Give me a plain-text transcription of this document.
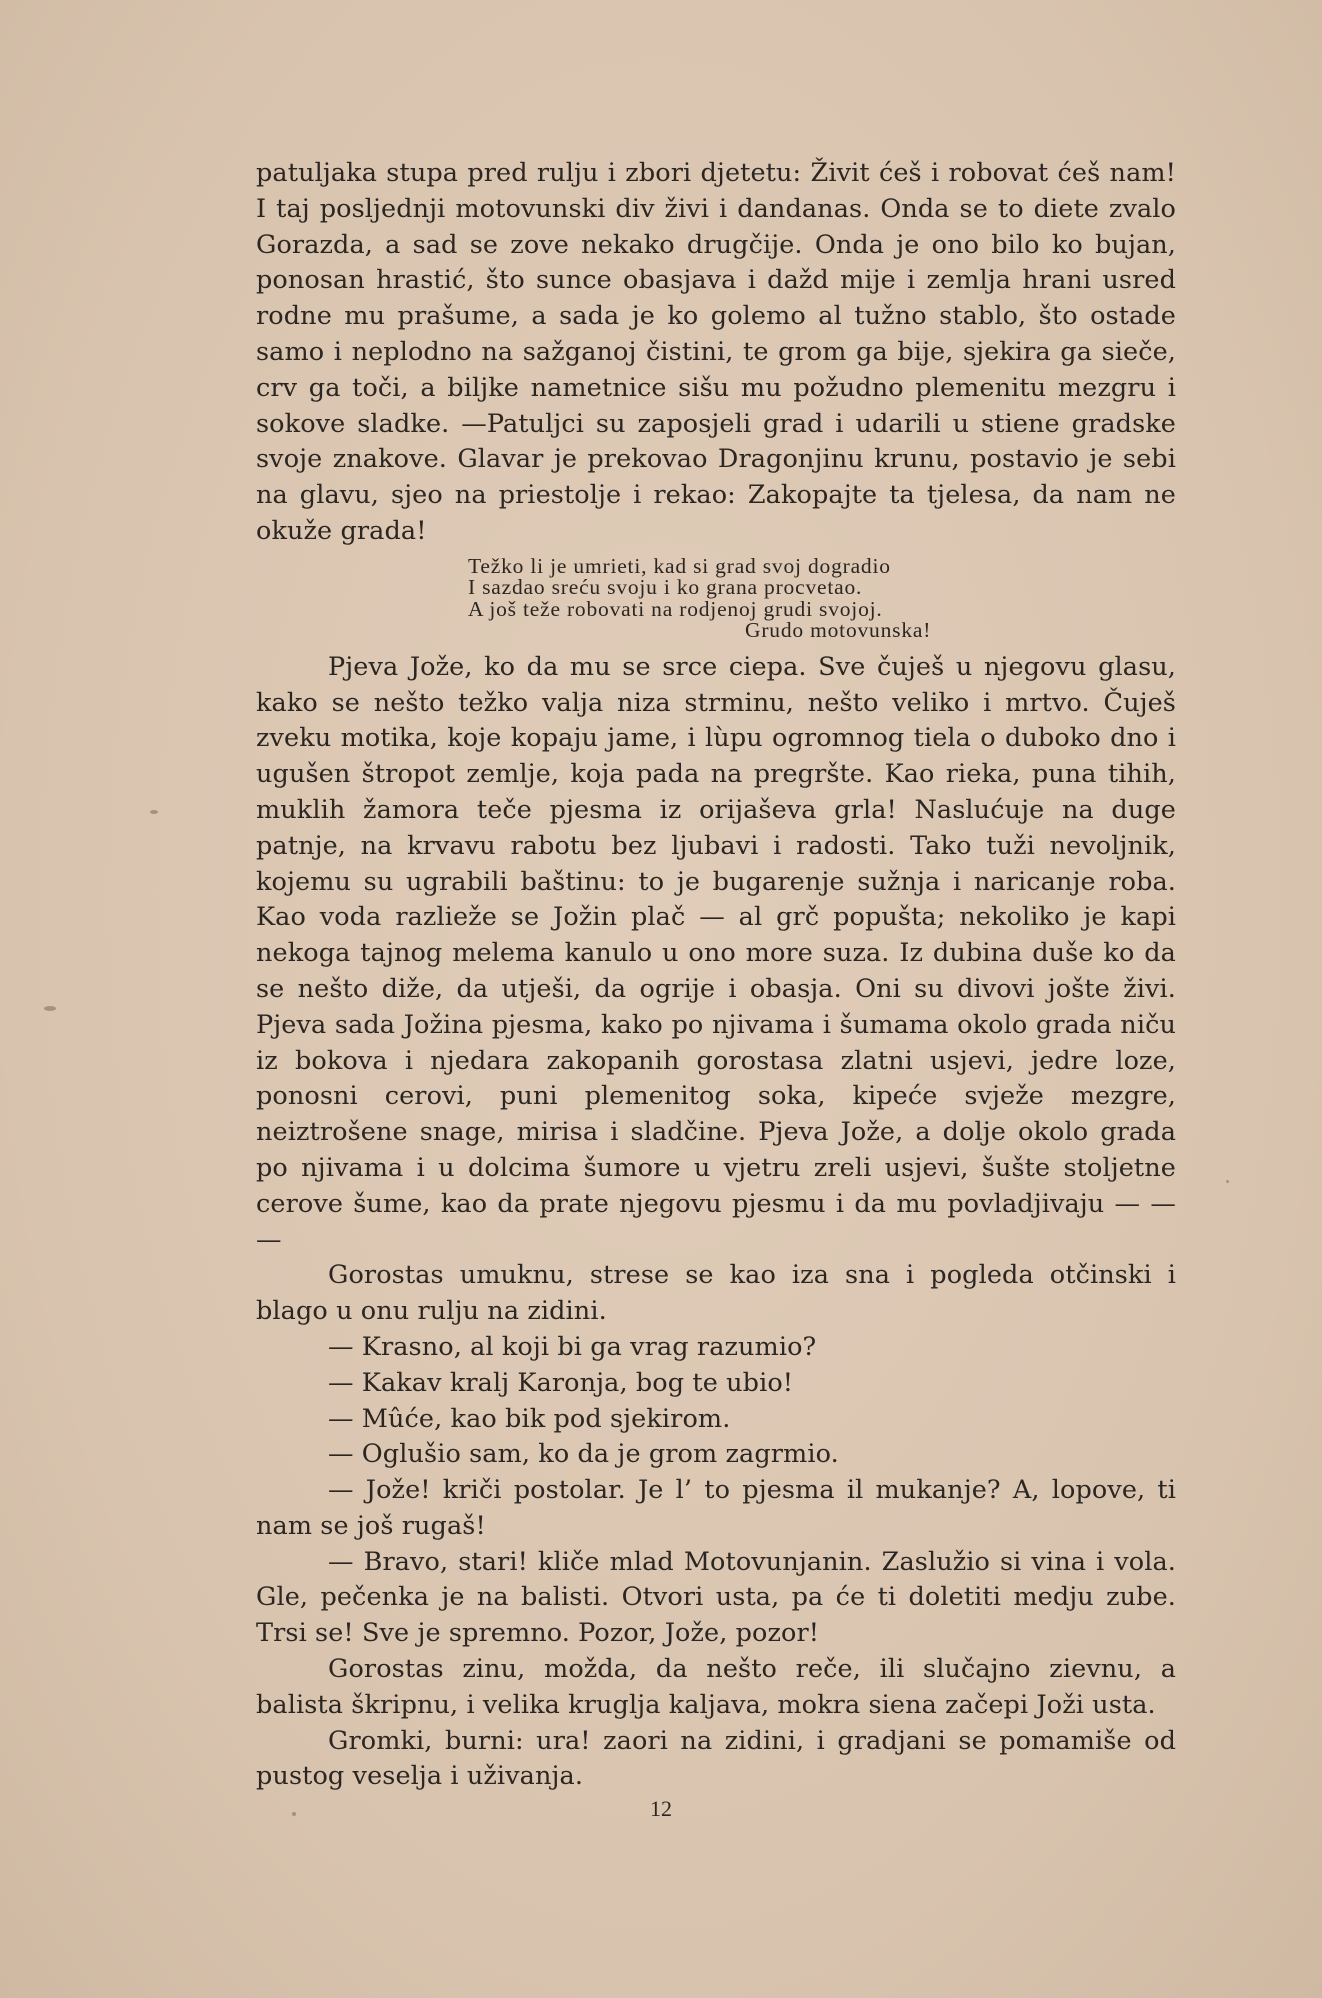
patuljaka stupa pred rulju i zbori djetetu: Živit ćeš i robovat ćeš nam! I taj posljednji motovunski div živi i dandanas. Onda se to diete zvalo Gorazda, a sad se zove nekako drugčije. Onda je ono bilo ko bujan, ponosan hrastić, što sunce obasjava i dažd mije i zemlja hrani usred rodne mu prašume, a sada je ko golemo al tužno stablo, što ostade samo i neplodno na sažganoj čistini, te grom ga bije, sjekira ga sieče, crv ga toči, a biljke nametnice sišu mu požudno plemenitu mezgru i sokove sladke. —Patuljci su zaposjeli grad i udarili u stiene gradske svoje znakove. Glavar je prekovao Dragonjinu krunu, postavio je sebi na glavu, sjeo na priestolje i rekao: Zakopajte ta tjelesa, da nam ne okuže grada!

Težko li je umrieti, kad si grad svoj dogradio
I sazdao sreću svoju i ko grana procvetao.
A još teže robovati na rodjenoj grudi svojoj.
Grudo motovunska!

Pjeva Jože, ko da mu se srce ciepa. Sve čuješ u njegovu glasu, kako se nešto težko valja niza strminu, nešto veliko i mrtvo. Čuješ zveku motika, koje kopaju jame, i lùpu ogromnog tiela o duboko dno i ugušen štropot zemlje, koja pada na pregršte. Kao rieka, puna tihih, muklih žamora teče pjesma iz orijaševa grla! Naslućuje na duge patnje, na krvavu rabotu bez ljubavi i radosti. Tako tuži nevoljnik, kojemu su ugrabili baštinu: to je bugarenje sužnja i naricanje roba. Kao voda razlieže se Jožin plač — al grč popušta; nekoliko je kapi nekoga tajnog melema kanulo u ono more suza. Iz dubina duše ko da se nešto diže, da utješi, da ogrije i obasja. Oni su divovi jošte živi. Pjeva sada Jožina pjesma, kako po njivama i šumama okolo grada niču iz bokova i njedara zakopanih gorostasa zlatni usjevi, jedre loze, ponosni cerovi, puni plemenitog soka, kipeće svježe mezgre, neiztrošene snage, mirisa i sladčine. Pjeva Jože, a dolje okolo grada po njivama i u dolcima šumore u vjetru zreli usjevi, šušte stoljetne cerove šume, kao da prate njegovu pjesmu i da mu povladjivaju — — —

Gorostas umuknu, strese se kao iza sna i pogleda otčinski i blago u onu rulju na zidini.

— Krasno, al koji bi ga vrag razumio?

— Kakav kralj Karonja, bog te ubio!

— Mûće, kao bik pod sjekirom.

— Oglušio sam, ko da je grom zagrmio.

— Jože! kriči postolar. Je l’ to pjesma il mukanje? A, lopove, ti nam se još rugaš!

— Bravo, stari! kliče mlad Motovunjanin. Zaslužio si vina i vola. Gle, pečenka je na balisti. Otvori usta, pa će ti doletiti medju zube. Trsi se! Sve je spremno. Pozor, Jože, pozor!

Gorostas zinu, možda, da nešto reče, ili slučajno zievnu, a balista škripnu, i velika kruglja kaljava, mokra siena začepi Joži usta.

Gromki, burni: ura! zaori na zidini, i gradjani se pomamiše od pustog veselja i uživanja.

12
